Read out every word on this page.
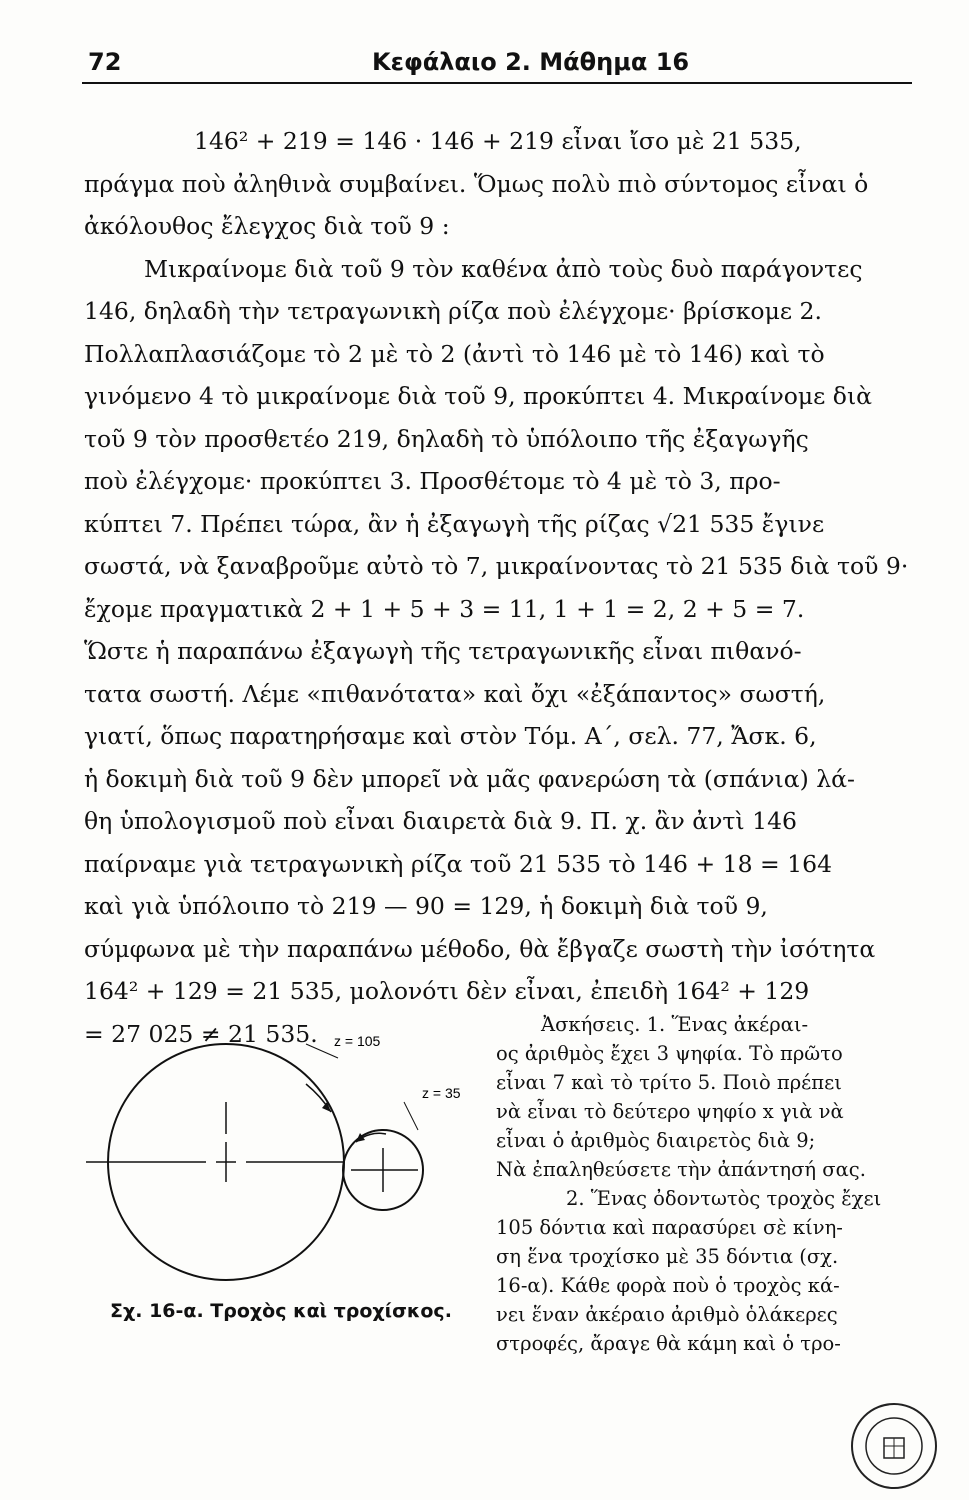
72	Κεφάλαιο 2. Μάθημα 16
146² + 219 = 146 · 146 + 219 εἶναι ἴσο μὲ 21 535,
πράγμα ποὺ ἀληθινὰ συμβαίνει. Ὅμως πολὺ πιὸ σύντομος εἶναι ὁ
ἀκόλουθος ἔλεγχος διὰ τοῦ 9 :
Μικραίνομε διὰ τοῦ 9 τὸν καθένα ἀπὸ τοὺς δυὸ παράγοντες
146, δηλαδὴ τὴν τετραγωνικὴ ρίζα ποὺ ἐλέγχομε· βρίσκομε 2.
Πολλαπλασιάζομε τὸ 2 μὲ τὸ 2 (ἀντὶ τὸ 146 μὲ τὸ 146) καὶ τὸ
γινόμενο 4 τὸ μικραίνομε διὰ τοῦ 9, προκύπτει 4. Μικραίνομε διὰ
τοῦ 9 τὸν προσθετέο 219, δηλαδὴ τὸ ὑπόλοιπο τῆς ἐξαγωγῆς
ποὺ ἐλέγχομε· προκύπτει 3. Προσθέτομε τὸ 4 μὲ τὸ 3, προ-
κύπτει 7. Πρέπει τώρα, ἂν ἡ ἐξαγωγὴ τῆς ρίζας √21 535 ἔγινε
σωστά, νὰ ξαναβροῦμε αὐτὸ τὸ 7, μικραίνοντας τὸ 21 535 διὰ τοῦ 9·
ἔχομε πραγματικὰ 2 + 1 + 5 + 3 = 11, 1 + 1 = 2, 2 + 5 = 7.
Ὥστε ἡ παραπάνω ἐξαγωγὴ τῆς τετραγωνικῆς εἶναι πιθανό-
τατα σωστή. Λέμε «πιθανότατα» καὶ ὄχι «ἐξάπαντος» σωστή,
γιατί, ὅπως παρατηρήσαμε καὶ στὸν Τόμ. Α΄, σελ. 77, Ἄσκ. 6,
ἡ δοκιμὴ διὰ τοῦ 9 δὲν μπορεῖ νὰ μᾶς φανερώση τὰ (σπάνια) λά-
θη ὑπολογισμοῦ ποὺ εἶναι διαιρετὰ διὰ 9. Π. χ. ἂν ἀντὶ 146
παίρναμε γιὰ τετραγωνικὴ ρίζα τοῦ 21 535 τὸ 146 + 18 = 164
καὶ γιὰ ὑπόλοιπο τὸ 219 — 90 = 129, ἡ δοκιμὴ διὰ τοῦ 9,
σύμφωνα μὲ τὴν παραπάνω μέθοδο, θὰ ἔβγαζε σωστὴ τὴν ἰσότητα
164² + 129 = 21 535, μολονότι δὲν εἶναι, ἐπειδὴ 164² + 129
= 27 025 ≠ 21 535.	z = 105
z = 35
Σχ. 16-α. Τροχὸς καὶ τροχίσκος.
Ἀσκήσεις. 1. Ἕνας ἀκέραι-
ος ἀριθμὸς ἔχει 3 ψηφία. Τὸ πρῶτο
εἶναι 7 καὶ τὸ τρίτο 5. Ποιὸ πρέπει
νὰ εἶναι τὸ δεύτερο ψηφίο x γιὰ νὰ
εἶναι ὁ ἀριθμὸς διαιρετὸς διὰ 9;
Νὰ ἐπαληθεύσετε τὴν ἀπάντησή σας.
2. Ἕνας ὀδοντωτὸς τροχὸς ἔχει
105 δόντια καὶ παρασύρει σὲ κίνη-
ση ἕνα τροχίσκο μὲ 35 δόντια (σχ.
16-α). Κάθε φορὰ ποὺ ὁ τροχὸς κά-
νει ἕναν ἀκέραιο ἀριθμὸ ὁλάκερες
στροφές, ἄραγε θὰ κάμη καὶ ὁ τρο-
